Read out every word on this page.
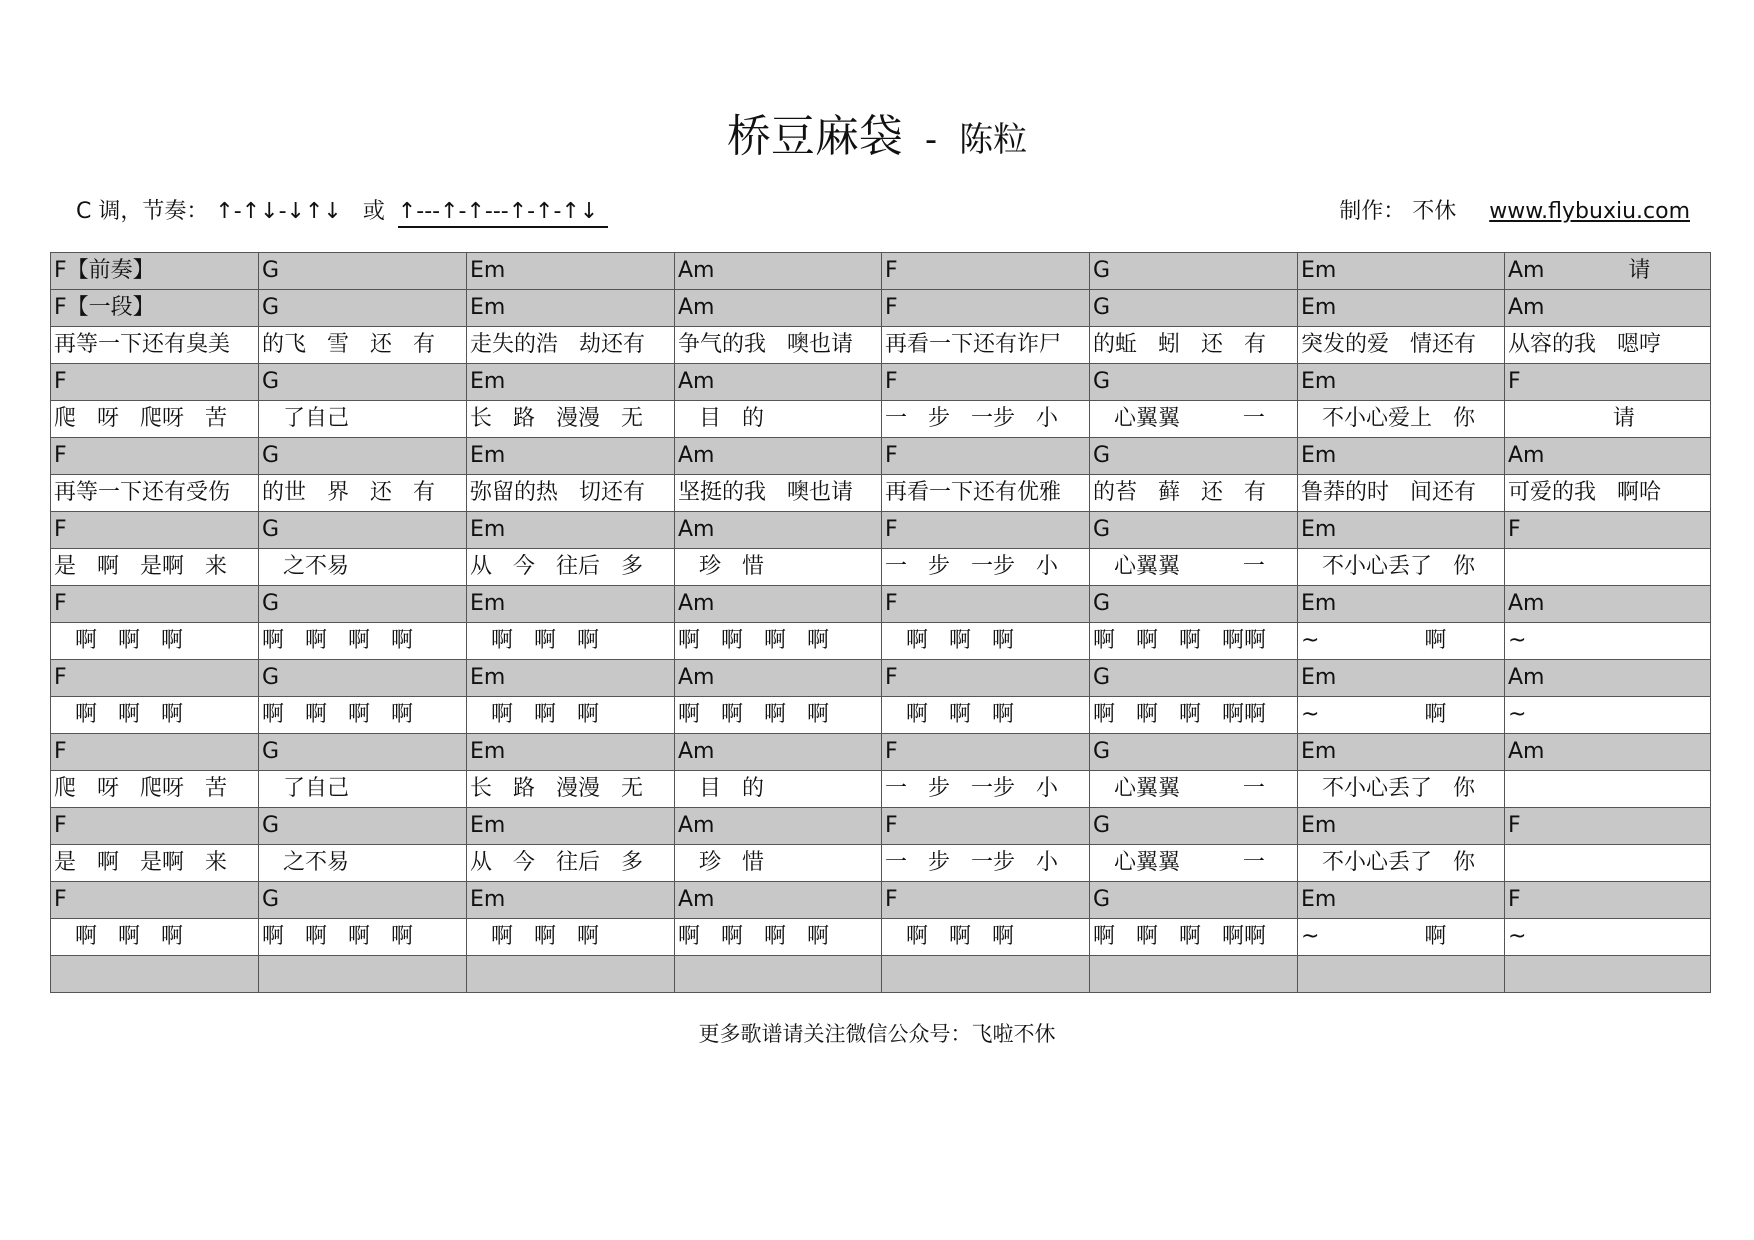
桥豆麻袋 - 陈粒
C 调，节奏： ↑-↑↓-↓↑↓ 或 ↑---↑-↑---↑-↑-↑↓	制作： 不休 www.flybuxiu.com
F【前奏】	G	Em	Am	F	G	Em	Am            请
F【一段】	G	Em	Am	F	G	Em	Am
再等一下还有臭美	的飞   雪   还   有	走失的浩   劫还有	争气的我   噢也请	再看一下还有诈尸	的蚯   蚓   还   有	突发的爱   情还有	从容的我   嗯哼
F	G	Em	Am	F	G	Em	F
爬   呀   爬呀   苦	了自己	长   路   漫漫   无	目   的	一   步   一步   小	心翼翼         一	不小心爱上   你	请
F	G	Em	Am	F	G	Em	Am
再等一下还有受伤	的世   界   还   有	弥留的热   切还有	坚挺的我   噢也请	再看一下还有优雅	的苔   藓   还   有	鲁莽的时   间还有	可爱的我   啊哈
F	G	Em	Am	F	G	Em	F
是   啊   是啊   来	之不易	从   今   往后   多	珍   惜	一   步   一步   小	心翼翼         一	不小心丢了   你	
F	G	Em	Am	F	G	Em	Am
啊   啊   啊	啊   啊   啊   啊	啊   啊   啊	啊   啊   啊   啊	啊   啊   啊	啊   啊   啊   啊啊	~               啊	~
F	G	Em	Am	F	G	Em	Am
啊   啊   啊	啊   啊   啊   啊	啊   啊   啊	啊   啊   啊   啊	啊   啊   啊	啊   啊   啊   啊啊	~               啊	~
F	G	Em	Am	F	G	Em	Am
爬   呀   爬呀   苦	了自己	长   路   漫漫   无	目   的	一   步   一步   小	心翼翼         一	不小心丢了   你	
F	G	Em	Am	F	G	Em	F
是   啊   是啊   来	之不易	从   今   往后   多	珍   惜	一   步   一步   小	心翼翼         一	不小心丢了   你	
F	G	Em	Am	F	G	Em	F
啊   啊   啊	啊   啊   啊   啊	啊   啊   啊	啊   啊   啊   啊	啊   啊   啊	啊   啊   啊   啊啊	~               啊	~

更多歌谱请关注微信公众号：飞啦不休
